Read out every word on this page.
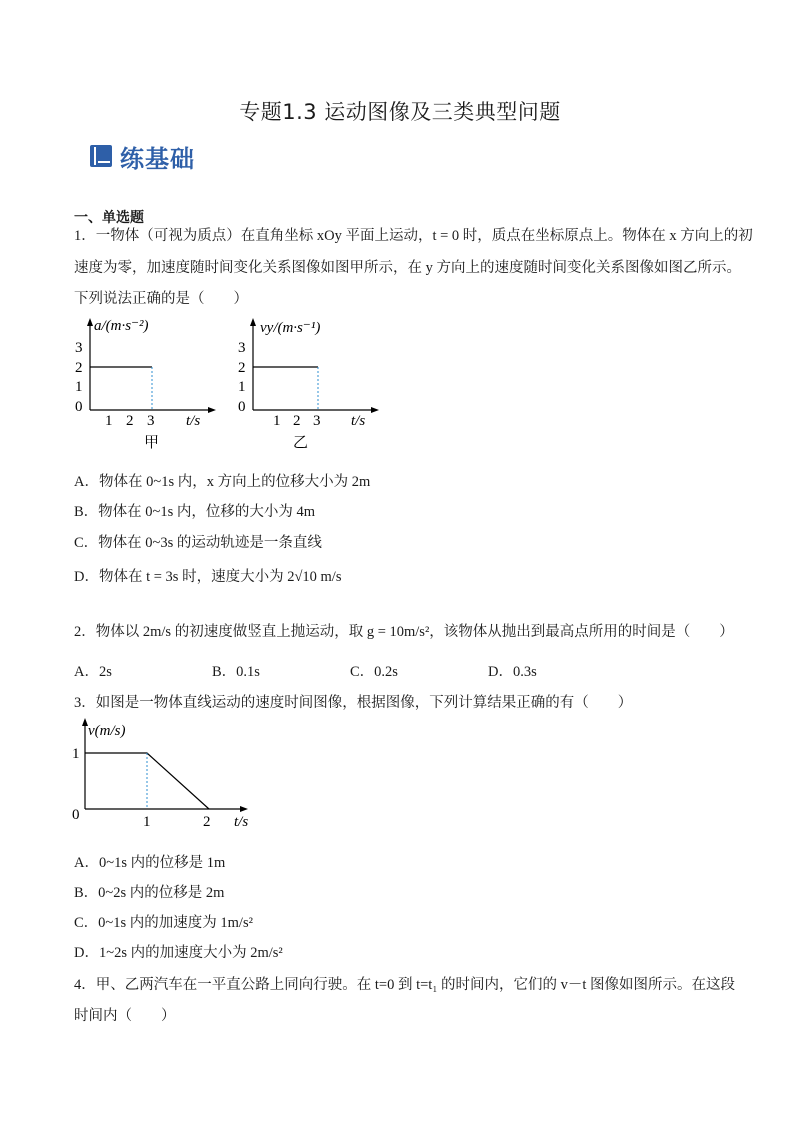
专题1.3 运动图像及三类典型问题
练基础
一、单选题
1．一物体（可视为质点）在直角坐标 xOy 平面上运动，t = 0 时，质点在坐标原点上。物体在 x 方向上的初
速度为零，加速度随时间变化关系图像如图甲所示，在 y 方向上的速度随时间变化关系图像如图乙所示。
下列说法正确的是（　　）
a/(m·s⁻²)
3
2
1
0
1 2 3 t/s
甲
vy/(m·s⁻¹)
3
2
1
0
1 2 3 t/s
乙
A．物体在 0~1s 内，x 方向上的位移大小为 2m
B．物体在 0~1s 内，位移的大小为 4m
C．物体在 0~3s 的运动轨迹是一条直线
D．物体在 t = 3s 时，速度大小为 2√10 m/s
2．物体以 2m/s 的初速度做竖直上抛运动，取 g = 10m/s²，该物体从抛出到最高点所用的时间是（　　）
A．2s	B．0.1s	C．0.2s	D．0.3s
3．如图是一物体直线运动的速度时间图像，根据图像，下列计算结果正确的有（　　）
v(m/s)
1
0	1	2 t/s
A．0~1s 内的位移是 1m
B．0~2s 内的位移是 2m
C．0~1s 内的加速度为 1m/s²
D．1~2s 内的加速度大小为 2m/s²
4．甲、乙两汽车在一平直公路上同向行驶。在 t=0 到 t=t₁ 的时间内，它们的 v－t 图像如图所示。在这段
时间内（　　）
